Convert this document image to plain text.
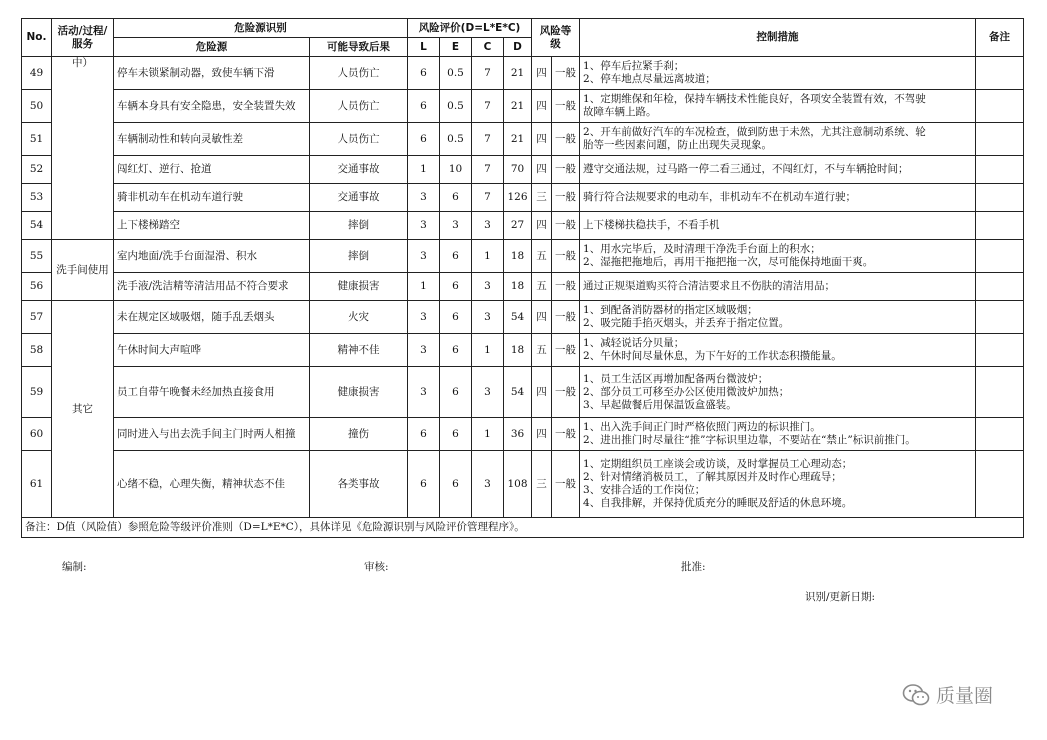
No.	活动/过程/服务	危险源识别		风险评价(D=L*E*C)				风险等级		控制措施	备注
		危险源	可能导致后果	L	E	C	D				
49	中）	停车未锁紧制动器，致使车辆下滑	人员伤亡	6	0.5	7	21	四	一般	1、停车后拉紧手刹；
2、停车地点尽量远离坡道；	

50		车辆本身具有安全隐患，安全装置失效	人员伤亡	6	0.5	7	21	四	一般	1、定期维保和年检，保持车辆技术性能良好，各项安全装置有效，不驾驶
故障车辆上路。	

51		车辆制动性和转向灵敏性差	人员伤亡	6	0.5	7	21	四	一般	2、开车前做好汽车的车况检查，做到防患于未然，尤其注意制动系统、轮
胎等一些因素问题，防止出现失灵现象。	

52		闯红灯、逆行、抢道	交通事故	1	10	7	70	四	一般	遵守交通法规，过马路一停二看三通过，不闯红灯，不与车辆抢时间；	

53		骑非机动车在机动车道行驶	交通事故	3	6	7	126	三	一般	骑行符合法规要求的电动车，非机动车不在机动车道行驶；	

54		上下楼梯踏空	摔倒	3	3	3	27	四	一般	上下楼梯扶稳扶手，不看手机	

55	洗手间使用	室内地面/洗手台面湿滑、积水	摔倒	3	6	1	18	五	一般	1、用水完毕后，及时清理干净洗手台面上的积水；
2、湿拖把拖地后，再用干拖把拖一次，尽可能保持地面干爽。	

56		洗手液/洗洁精等清洁用品不符合要求	健康损害	1	6	3	18	五	一般	通过正规渠道购买符合清洁要求且不伤肤的清洁用品；	

57	其它	未在规定区域吸烟，随手乱丢烟头	火灾	3	6	3	54	四	一般	1、到配备消防器材的指定区域吸烟；
2、吸完随手掐灭烟头，并丢弃于指定位置。	

58		午休时间大声喧哗	精神不佳	3	6	1	18	五	一般	1、减轻说话分贝量；
2、午休时间尽量休息，为下午好的工作状态积攒能量。	

59		员工自带午晚餐未经加热直接食用	健康损害	3	6	3	54	四	一般	1、员工生活区再增加配备两台微波炉；
2、部分员工可移至办公区使用微波炉加热；
3、早起做餐后用保温饭盒盛装。	

60		同时进入与出去洗手间主门时两人相撞	撞伤	6	6	1	36	四	一般	1、出入洗手间正门时严格依照门两边的标识推门。
2、进出推门时尽量往“推”字标识里边靠，不要站在“禁止”标识前推门。	

61		心绪不稳，心理失衡，精神状态不佳	各类事故	6	6	3	108	三	一般	1、定期组织员工座谈会或访谈，及时掌握员工心理动态；
2、针对情绪消极员工，了解其原因并及时作心理疏导；
3、安排合适的工作岗位；
4、自我排解，并保持优质充分的睡眠及舒适的休息环境。	

备注：D值（风险值）参照危险等级评价准则（D=L*E*C），具体详见《危险源识别与风险评价管理程序》。											
编制:	审核:	批准:
识别/更新日期:
质量圈
